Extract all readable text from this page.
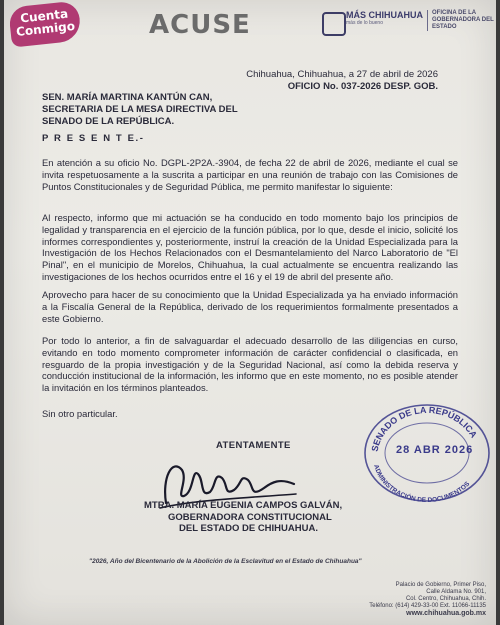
Cuenta Conmigo	ACUSE	MÁS CHIHUAHUA
más de lo bueno
OFICINA DE LA GOBERNADORA DEL ESTADO
Chihuahua, Chihuahua, a 27 de abril de 2026
OFICIO No. 037-2026 DESP. GOB.
SEN. MARÍA MARTINA KANTÚN CAN,
SECRETARIA DE LA MESA DIRECTIVA DEL
SENADO DE LA REPÚBLICA.
P R E S E N T E.-

En atención a su oficio No. DGPL-2P2A.-3904, de fecha 22 de abril de 2026, mediante el cual se invita respetuosamente a la suscrita a participar en una reunión de trabajo con las Comisiones de Puntos Constitucionales y de Seguridad Pública, me permito manifestar lo siguiente:

Al respecto, informo que mi actuación se ha conducido en todo momento bajo los principios de legalidad y transparencia en el ejercicio de la función pública, por lo que, desde el inicio, solicité los informes correspondientes y, posteriormente, instruí la creación de la Unidad Especializada para la Investigación de los Hechos Relacionados con el Desmantelamiento del Narco Laboratorio de "El Pinal", en el municipio de Morelos, Chihuahua, la cual actualmente se encuentra realizando las investigaciones de los hechos ocurridos entre el 16 y el 19 de abril del presente año.

Aprovecho para hacer de su conocimiento que la Unidad Especializada ya ha enviado información a la Fiscalía General de la República, derivado de los requerimientos formalmente presentados a este Gobierno.

Por todo lo anterior, a fin de salvaguardar el adecuado desarrollo de las diligencias en curso, evitando en todo momento comprometer información de carácter confidencial o clasificada, en resguardo de la propia investigación y de la Seguridad Nacional, así como la debida reserva y conducción institucional de la información, les informo que en este momento, no es posible atender la invitación en los términos planteados.

Sin otro particular.

ATENTAMENTE
MTRA. MARÍA EUGENIA CAMPOS GALVÁN,
GOBERNADORA CONSTITUCIONAL
DEL ESTADO DE CHIHUAHUA.
SENADO DE LA REPÚBLICA
ADMINISTRACIÓN DE DOCUMENTOS
28 ABR 2026
"2026, Año del Bicentenario de la Abolición de la Esclavitud en el Estado de Chihuahua"
Palacio de Gobierno, Primer Piso,
Calle Aldama No. 901,
Col. Centro, Chihuahua, Chih.
Teléfono: (614) 429-33-00 Ext. 11066-11135
www.chihuahua.gob.mx
